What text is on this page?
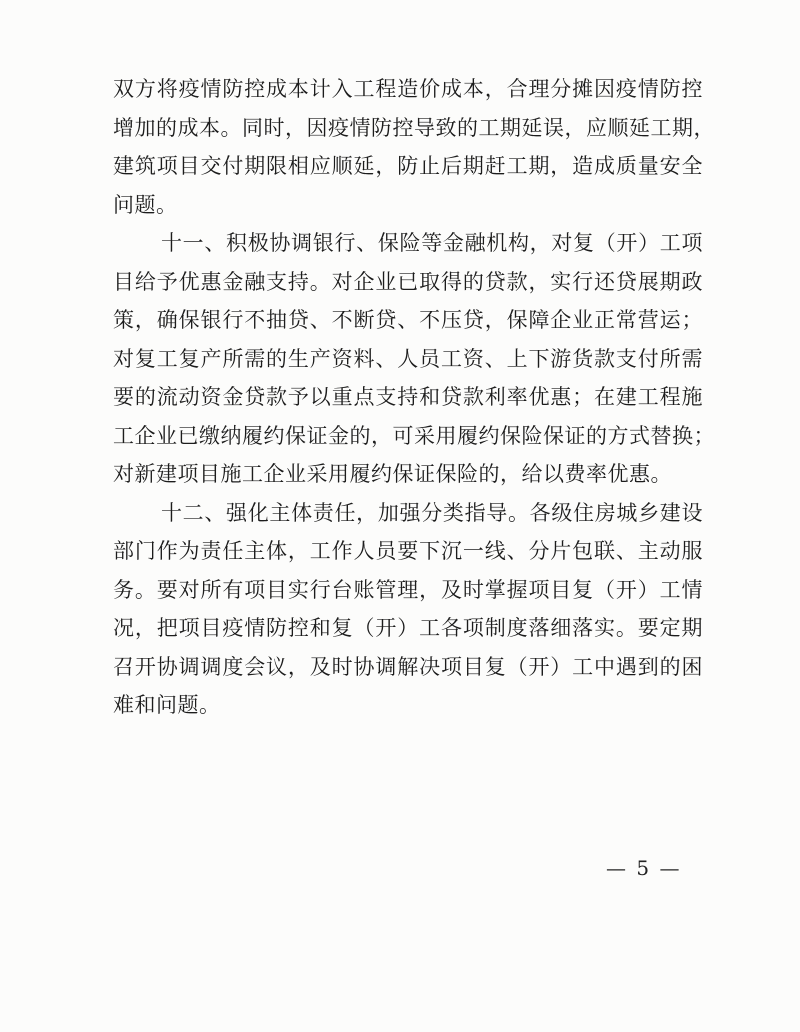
双方将疫情防控成本计入工程造价成本，合理分摊因疫情防控
增加的成本。同时，因疫情防控导致的工期延误，应顺延工期，
建筑项目交付期限相应顺延，防止后期赶工期，造成质量安全
问题。
十一、积极协调银行、保险等金融机构，对复（开）工项
目给予优惠金融支持。对企业已取得的贷款，实行还贷展期政
策，确保银行不抽贷、不断贷、不压贷，保障企业正常营运；
对复工复产所需的生产资料、人员工资、上下游货款支付所需
要的流动资金贷款予以重点支持和贷款利率优惠；在建工程施
工企业已缴纳履约保证金的，可采用履约保险保证的方式替换；
对新建项目施工企业采用履约保证保险的，给以费率优惠。
十二、强化主体责任，加强分类指导。各级住房城乡建设
部门作为责任主体，工作人员要下沉一线、分片包联、主动服
务。要对所有项目实行台账管理，及时掌握项目复（开）工情
况，把项目疫情防控和复（开）工各项制度落细落实。要定期
召开协调调度会议，及时协调解决项目复（开）工中遇到的困
难和问题。
— 5 —
